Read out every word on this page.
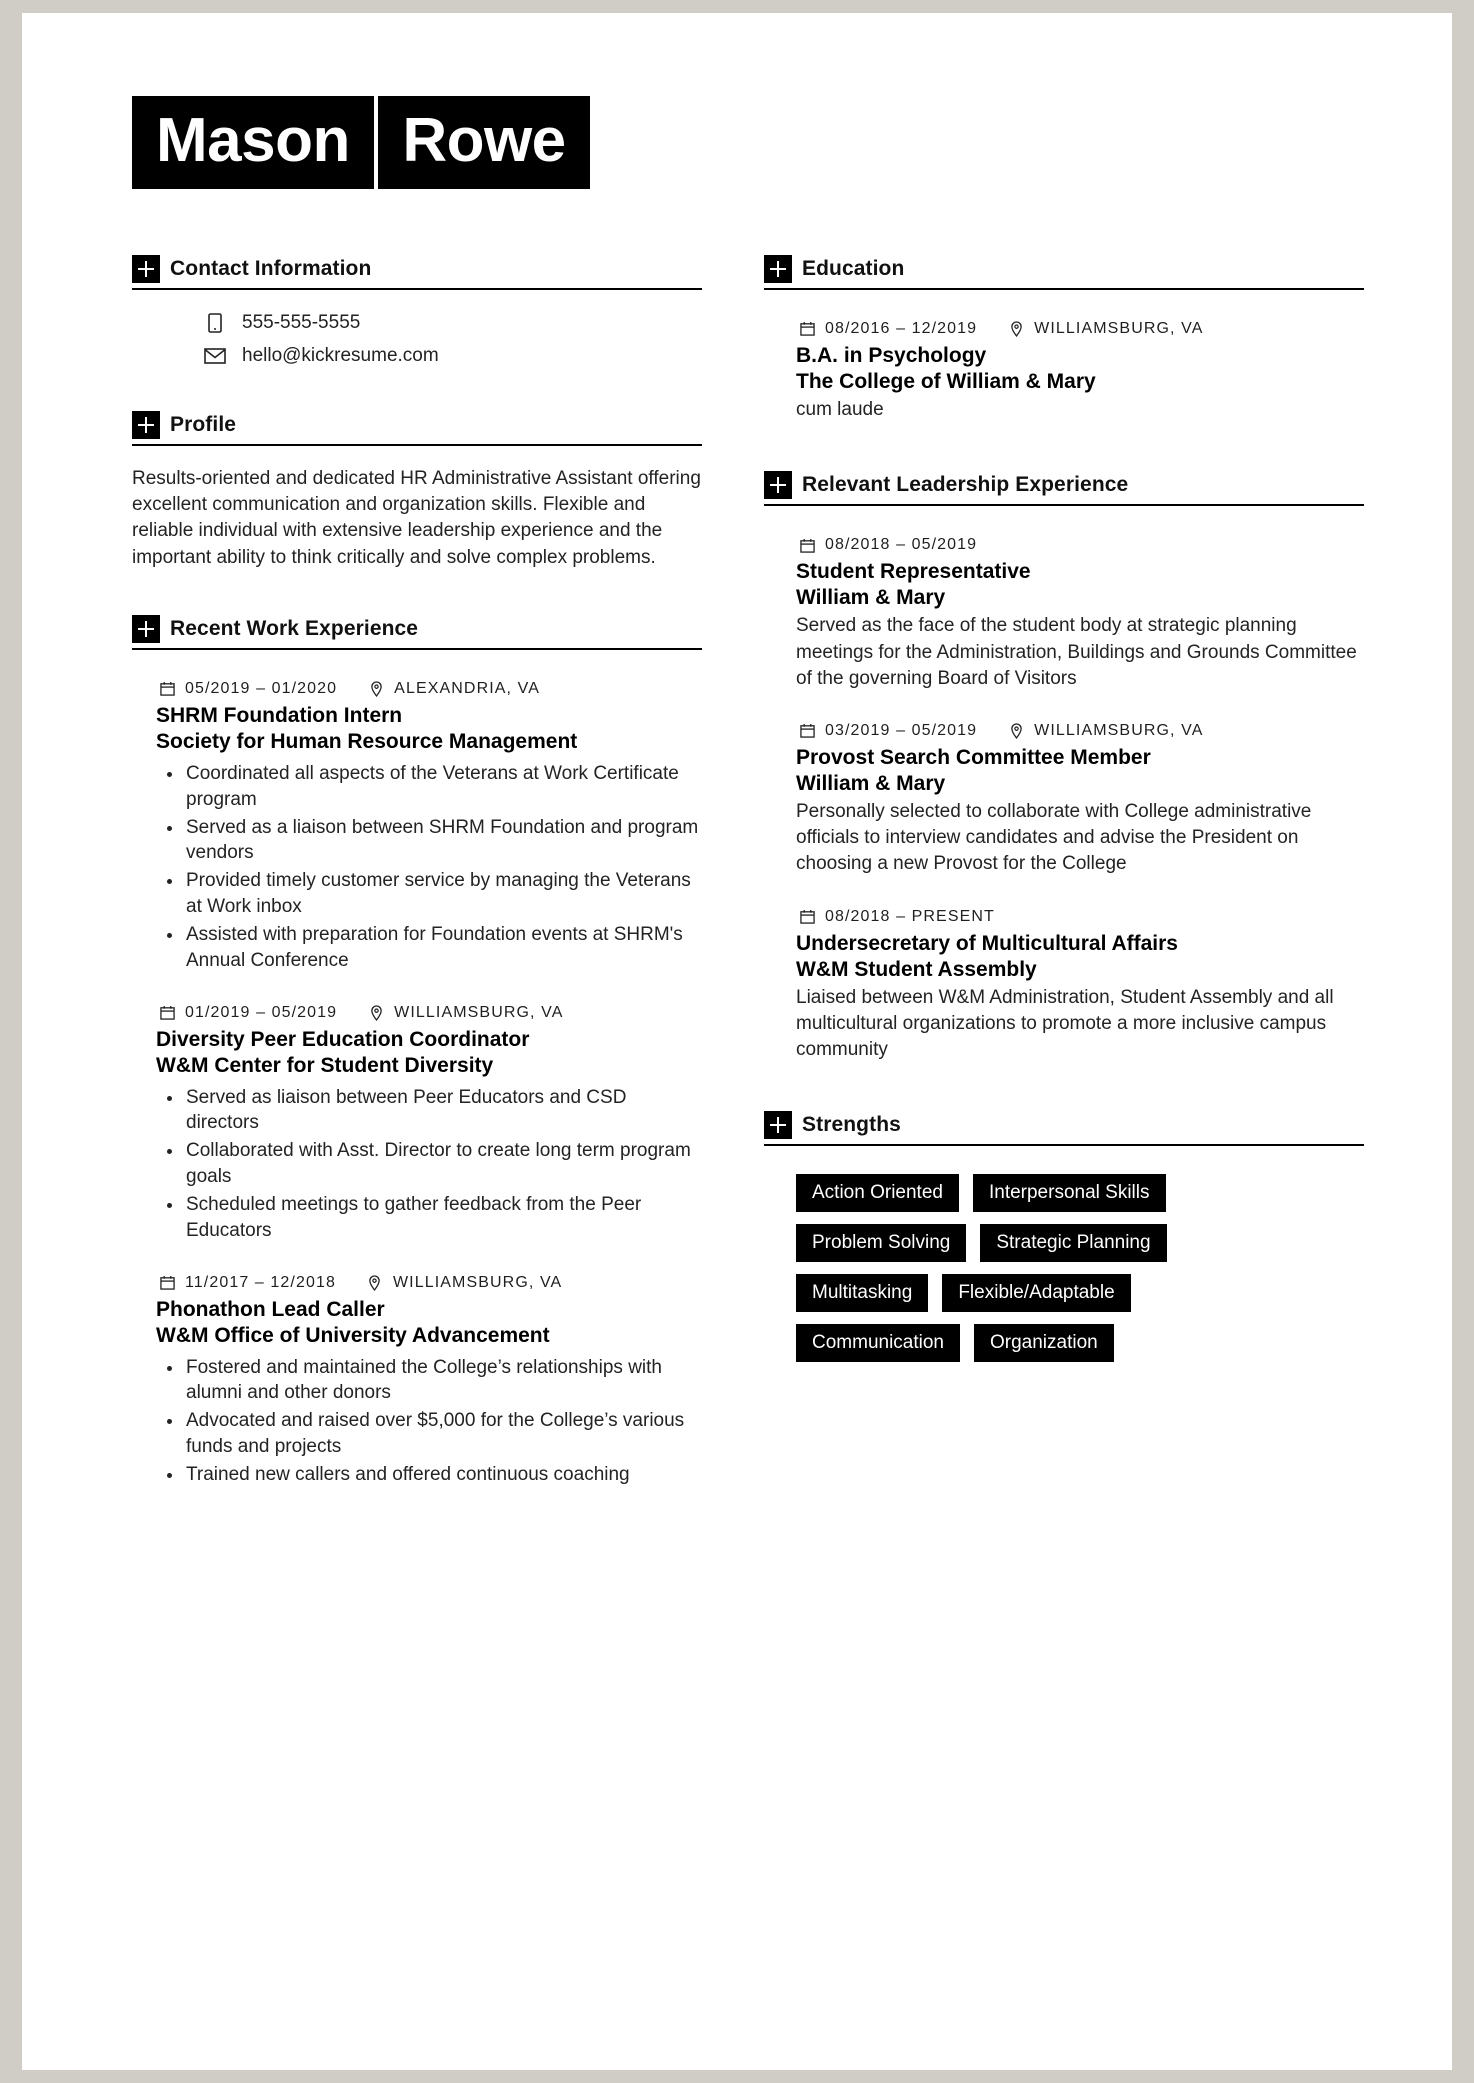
Mason Rowe
Contact Information
555-555-5555
hello@kickresume.com
Profile
Results-oriented and dedicated HR Administrative Assistant offering excellent communication and organization skills. Flexible and reliable individual with extensive leadership experience and the important ability to think critically and solve complex problems.
Recent Work Experience
05/2019 – 01/2020	ALEXANDRIA, VA
SHRM Foundation Intern
Society for Human Resource Management
Coordinated all aspects of the Veterans at Work Certificate program
Served as a liaison between SHRM Foundation and program vendors
Provided timely customer service by managing the Veterans at Work inbox
Assisted with preparation for Foundation events at SHRM's Annual Conference
01/2019 – 05/2019	WILLIAMSBURG, VA
Diversity Peer Education Coordinator
W&M Center for Student Diversity
Served as liaison between Peer Educators and CSD directors
Collaborated with Asst. Director to create long term program goals
Scheduled meetings to gather feedback from the Peer Educators
11/2017 – 12/2018	WILLIAMSBURG, VA
Phonathon Lead Caller
W&M Office of University Advancement
Fostered and maintained the College’s relationships with alumni and other donors
Advocated and raised over $5,000 for the College’s various funds and projects
Trained new callers and offered continuous coaching
Education
08/2016 – 12/2019	WILLIAMSBURG, VA
B.A. in Psychology
The College of William & Mary
cum laude
Relevant Leadership Experience
08/2018 – 05/2019
Student Representative
William & Mary
Served as the face of the student body at strategic planning meetings for the Administration, Buildings and Grounds Committee of the governing Board of Visitors
03/2019 – 05/2019	WILLIAMSBURG, VA
Provost Search Committee Member
William & Mary
Personally selected to collaborate with College administrative officials to interview candidates and advise the President on choosing a new Provost for the College
08/2018 – PRESENT
Undersecretary of Multicultural Affairs
W&M Student Assembly
Liaised between W&M Administration, Student Assembly and all multicultural organizations to promote a more inclusive campus community
Strengths
Action Oriented	Interpersonal Skills
Problem Solving	Strategic Planning
Multitasking	Flexible/Adaptable
Communication	Organization
